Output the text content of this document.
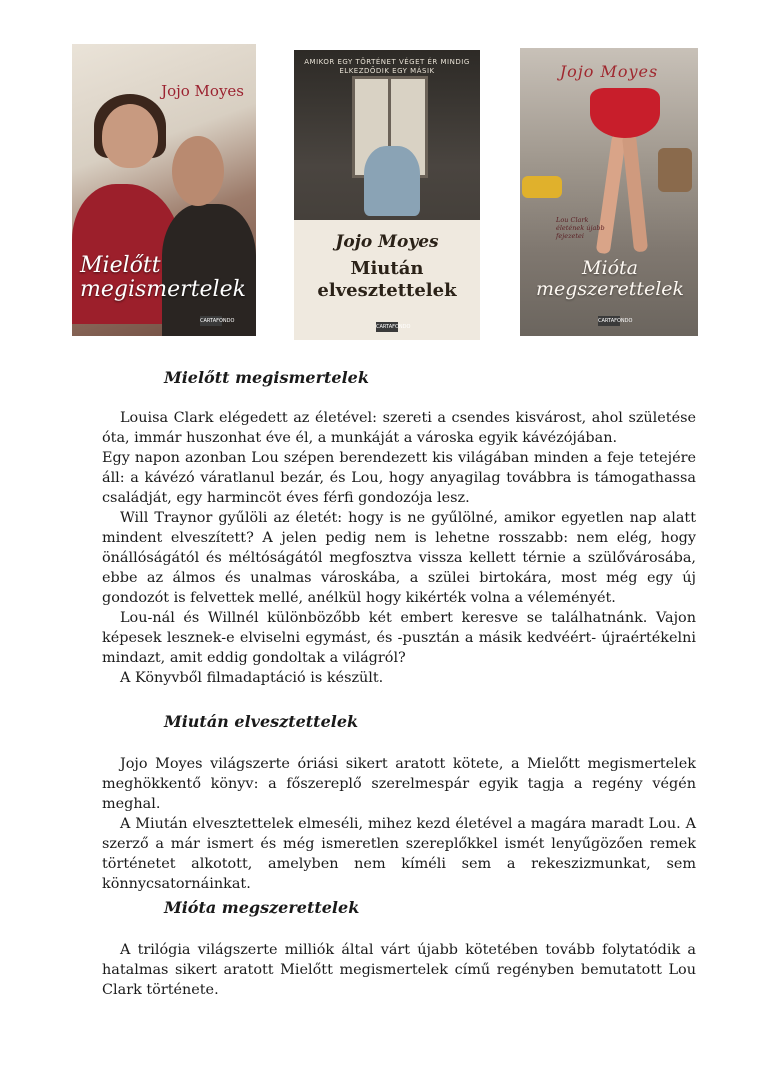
Jojo Moyes
Mielőtt
megismertelek
CARTAFONDO
AMIKOR EGY TÖRTÉNET VÉGET ÉR MINDIG ELKEZDŐDIK EGY MÁSIK
Jojo Moyes
Miután
elvesztettelek
CARTAFONDO
Jojo Moyes
Lou Clark életének újabb fejezetei
Mióta
megszerettelek
CARTAFONDO
Mielőtt megismertelek

Louisa Clark elégedett az életével: szereti a csendes kisvárost, ahol születése óta, immár huszonhat éve él, a munkáját a városka egyik kávézójában.

Egy napon azonban Lou szépen berendezett kis világában minden a feje tetejére áll: a kávézó váratlanul bezár, és Lou, hogy anyagilag továbbra is támogathassa családját, egy harmincöt éves férfi gondozója lesz.

Will Traynor gyűlöli az életét: hogy is ne gyűlölné, amikor egyetlen nap alatt mindent elveszített? A jelen pedig nem is lehetne rosszabb: nem elég, hogy önállóságától és méltóságától megfosztva vissza kellett térnie a szülővárosába, ebbe az álmos és unalmas városkába, a szülei birtokára, most még egy új gondozót is felvettek mellé, anélkül hogy kikérték volna a véleményét.

Lou-nál és Willnél különbözőbb két embert keresve se találhatnánk. Vajon képesek lesznek-e elviselni egymást, és -pusztán a másik kedvéért- újraértékelni mindazt, amit eddig gondoltak a világról?

A Könyvből filmadaptáció is készült.

Miután elvesztettelek

Jojo Moyes világszerte óriási sikert aratott kötete, a Mielőtt megismertelek meghökkentő könyv: a főszereplő szerelmespár egyik tagja a regény végén meghal.

A Miután elvesztettelek elmeséli, mihez kezd életével a magára maradt Lou. A szerző a már ismert és még ismeretlen szereplőkkel ismét lenyűgözően remek történetet alkotott, amelyben nem kíméli sem a rekeszizmunkat, sem könnycsatornáinkat.

Mióta megszerettelek

A trilógia világszerte milliók által várt újabb kötetében tovább folytatódik a hatalmas sikert aratott Mielőtt megismertelek című regényben bemutatott Lou Clark története.
